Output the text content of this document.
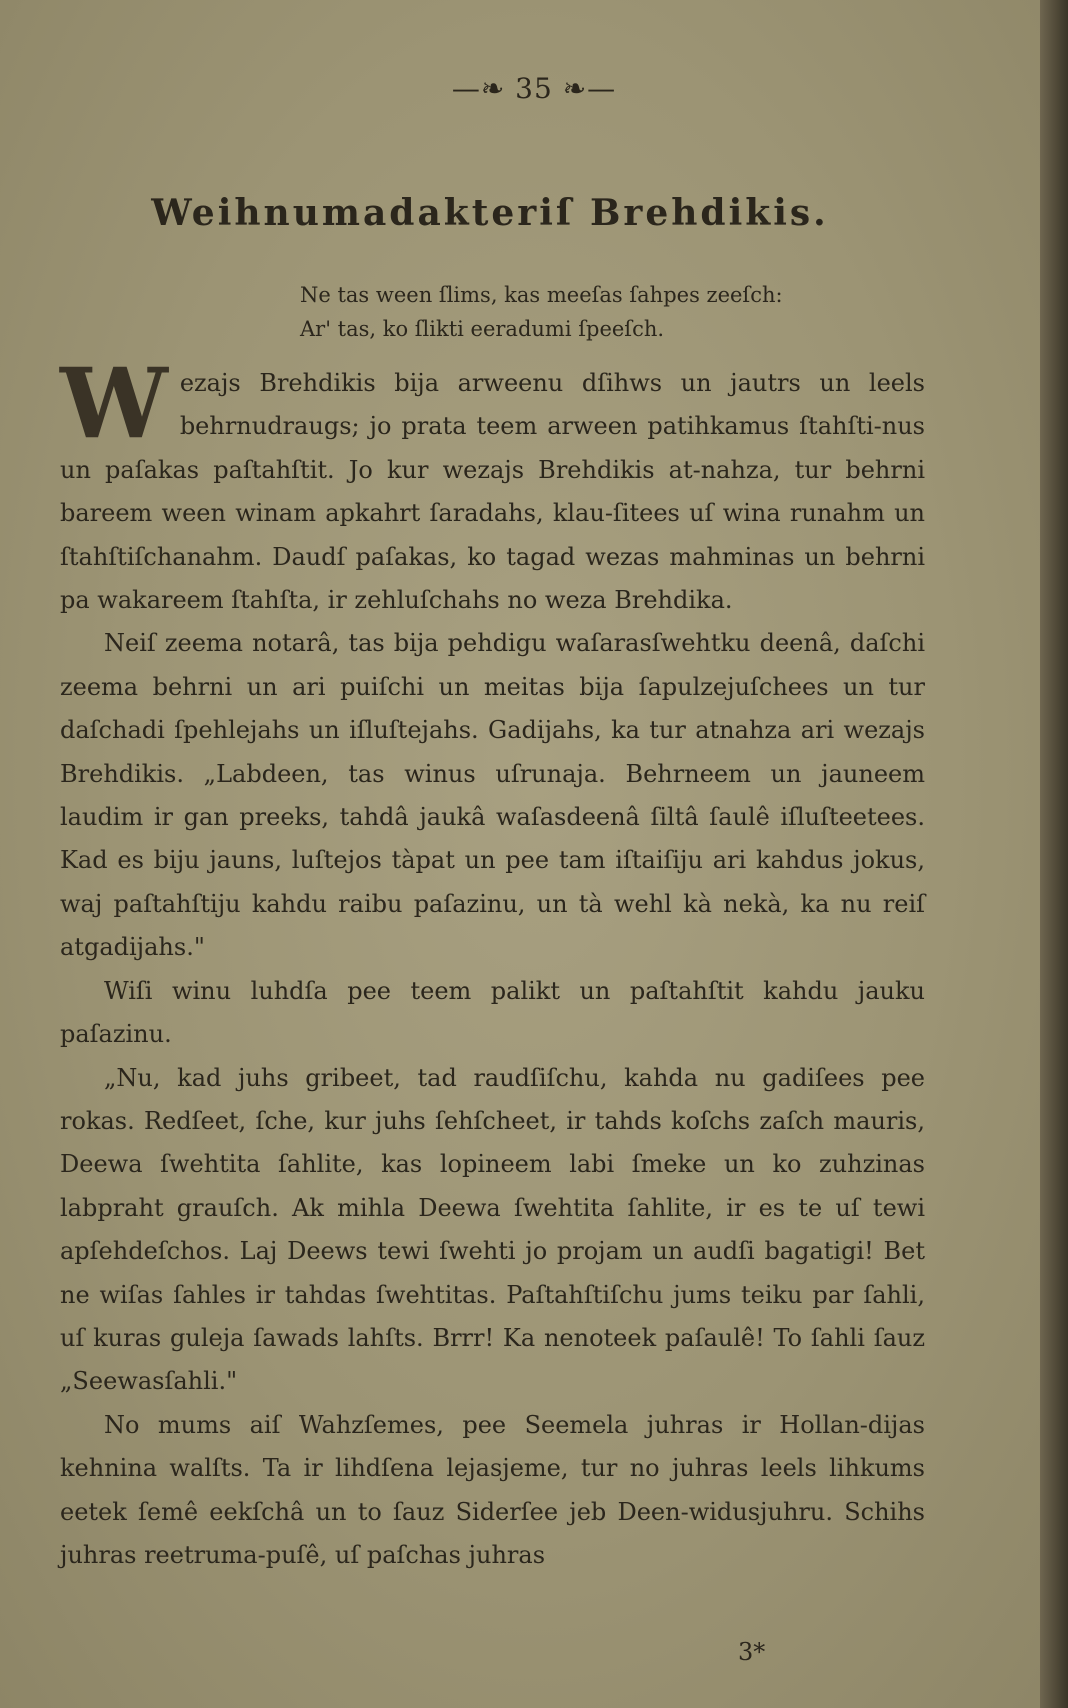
—❧ 35 ❧—
Weihnumadakteriſ Brehdikis.
Ne tas ween ſlims, kas meeſas ſahpes zeeſch:
Ar' tas, ko ſlikti eeradumi ſpeeſch.

W ezajs Brehdikis bija arweenu dſihws un jautrs un leels behrnudraugs; jo prata teem arween patihkamus ſtahſti-nus un paſakas paſtahſtit. Jo kur wezajs Brehdikis at-nahza, tur behrni bareem ween winam apkahrt ſaradahs, klau-ſitees uſ wina runahm un ſtahſtiſchanahm. Daudſ paſakas, ko tagad wezas mahminas un behrni pa wakareem ſtahſta, ir zehluſchahs no weza Brehdika.

Neiſ zeema notarâ, tas bija pehdigu waſarasſwehtku deenâ, daſchi zeema behrni un ari puiſchi un meitas bija ſapulzejuſchees un tur daſchadi ſpehlejahs un iſluſtejahs. Gadijahs, ka tur atnahza ari wezajs Brehdikis. „Labdeen, tas winus uſrunaja. Behrneem un jauneem laudim ir gan preeks, tahdâ jaukâ waſasdeenâ ſiltâ ſaulê iſluſteetees. Kad es biju jauns, luſtejos tàpat un pee tam iſtaiſiju ari kahdus jokus, waj paſtahſtiju kahdu raibu paſazinu, un tà wehl kà nekà, ka nu reiſ atgadijahs."

Wiſi winu luhdſa pee teem palikt un paſtahſtit kahdu jauku paſazinu.

„Nu, kad juhs gribeet, tad raudſiſchu, kahda nu gadiſees pee rokas. Redſeet, ſche, kur juhs ſehſcheet, ir tahds koſchs zaſch mauris, Deewa ſwehtita ſahlite, kas lopineem labi ſmeke un ko zuhzinas labpraht grauſch. Ak mihla Deewa ſwehtita ſahlite, ir es te uſ tewi apſehdeſchos. Laj Deews tewi ſwehti jo projam un audſi bagatigi! Bet ne wiſas ſahles ir tahdas ſwehtitas. Paſtahſtiſchu jums teiku par ſahli, uſ kuras guleja ſawads lahſts. Brrr! Ka nenoteek paſaulê! To ſahli ſauz „Seewasſahli."

No mums aiſ Wahzſemes, pee Seemela juhras ir Hollan-dijas kehnina walſts. Ta ir lihdſena lejasjeme, tur no juhras leels lihkums eetek ſemê eekſchâ un to ſauz Siderſee jeb Deen-widusjuhru. Schihs juhras reetruma-puſê, uſ paſchas juhras

3*
